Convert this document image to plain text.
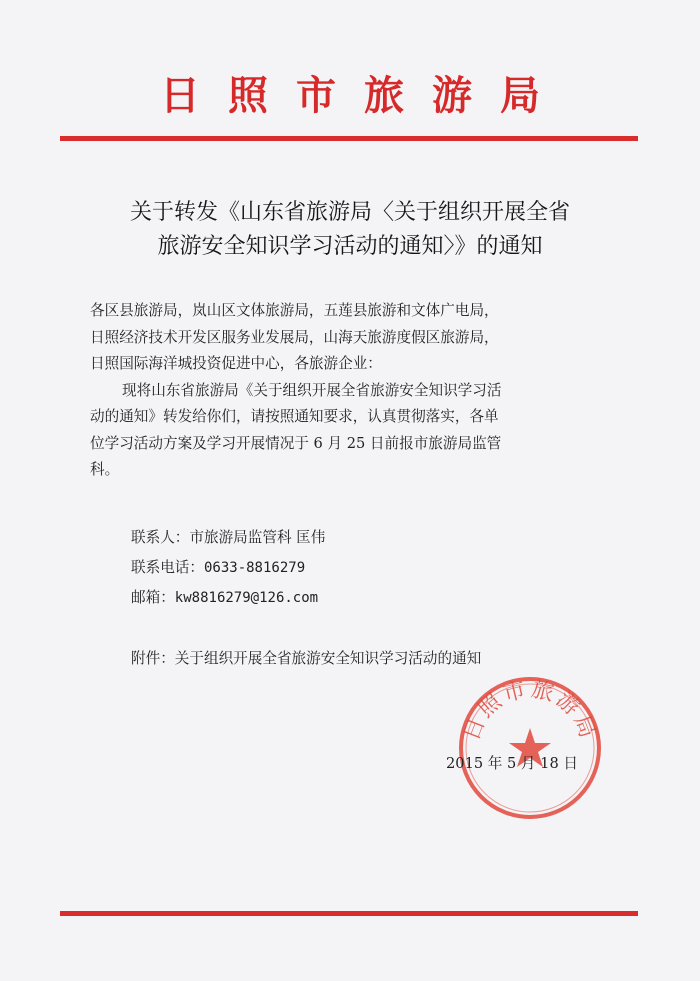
日照市旅游局
关于转发《山东省旅游局〈关于组织开展全省
旅游安全知识学习活动的通知〉》的通知
各区县旅游局，岚山区文体旅游局，五莲县旅游和文体广电局，
日照经济技术开发区服务业发展局，山海天旅游度假区旅游局，
日照国际海洋城投资促进中心，各旅游企业：
现将山东省旅游局《关于组织开展全省旅游安全知识学习活
动的通知》转发给你们，请按照通知要求，认真贯彻落实，各单
位学习活动方案及学习开展情况于 6 月 25 日前报市旅游局监管
科。
联系人：市旅游局监管科 匡伟
联系电话：0633-8816279
邮箱：kw8816279@126.com
附件：关于组织开展全省旅游安全知识学习活动的通知
日照市旅游局
2015 年 5 月 18 日
